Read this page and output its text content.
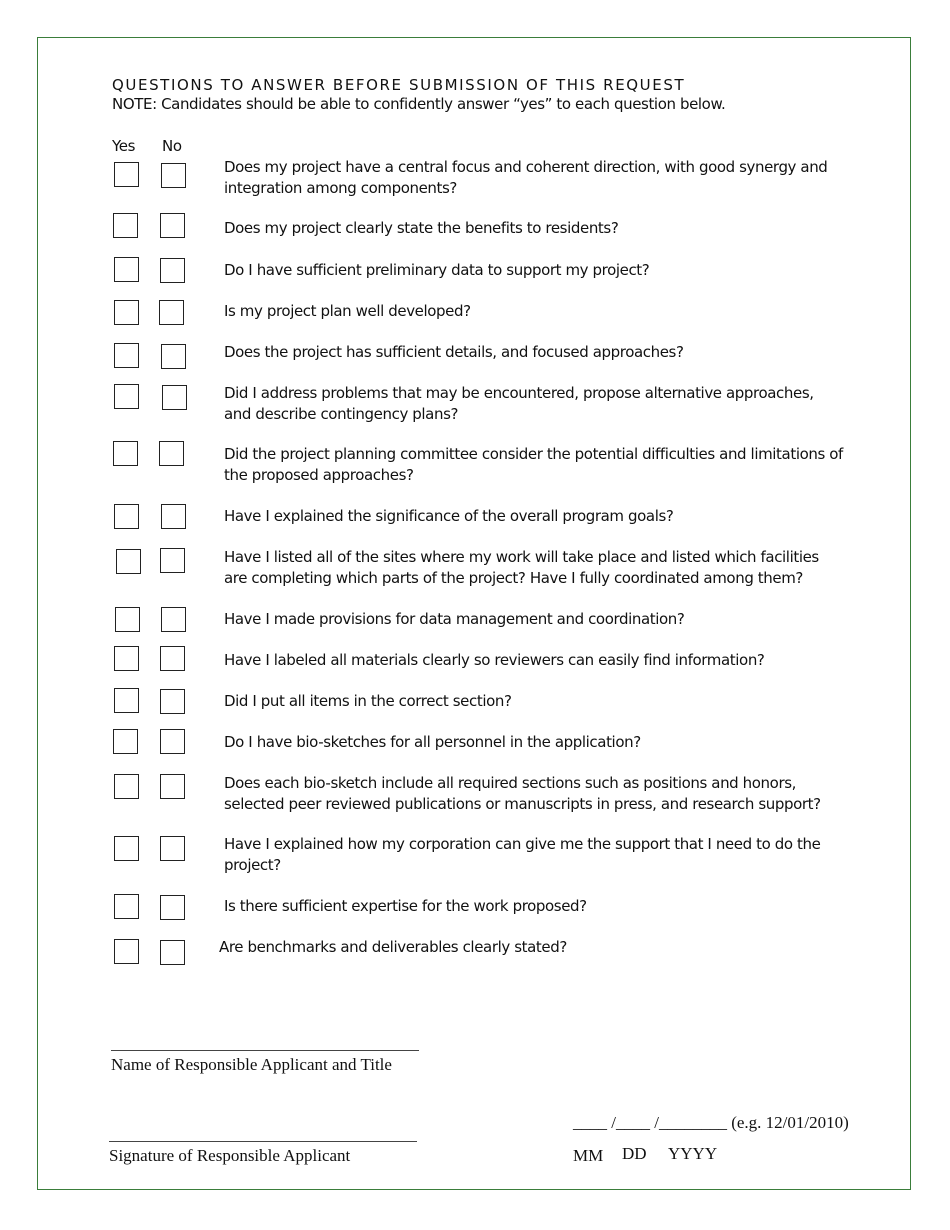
QUESTIONS TO ANSWER BEFORE SUBMISSION OF THIS REQUEST
NOTE: Candidates should be able to confidently answer “yes” to each question below.
Yes No
Does my project have a central focus and coherent direction, with good synergy and integration among components?
Does my project clearly state the benefits to residents?
Do I have sufficient preliminary data to support my project?
Is my project plan well developed?
Does the project has sufficient details, and focused approaches?
Did I address problems that may be encountered, propose alternative approaches, and describe contingency plans?
Did the project planning committee consider the potential difficulties and limitations of the proposed approaches?
Have I explained the significance of the overall program goals?
Have I listed all of the sites where my work will take place and listed which facilities are completing which parts of the project? Have I fully coordinated among them?
Have I made provisions for data management and coordination?
Have I labeled all materials clearly so reviewers can easily find information?
Did I put all items in the correct section?
Do I have bio-sketches for all personnel in the application?
Does each bio-sketch include all required sections such as positions and honors, selected peer reviewed publications or manuscripts in press, and research support?
Have I explained how my corporation can give me the support that I need to do the project?
Is there sufficient expertise for the work proposed?
Are benchmarks and deliverables clearly stated?
Name of Responsible Applicant and Title
Signature of Responsible Applicant
____ /____ /________ (e.g. 12/01/2010)
MM DD YYYY
